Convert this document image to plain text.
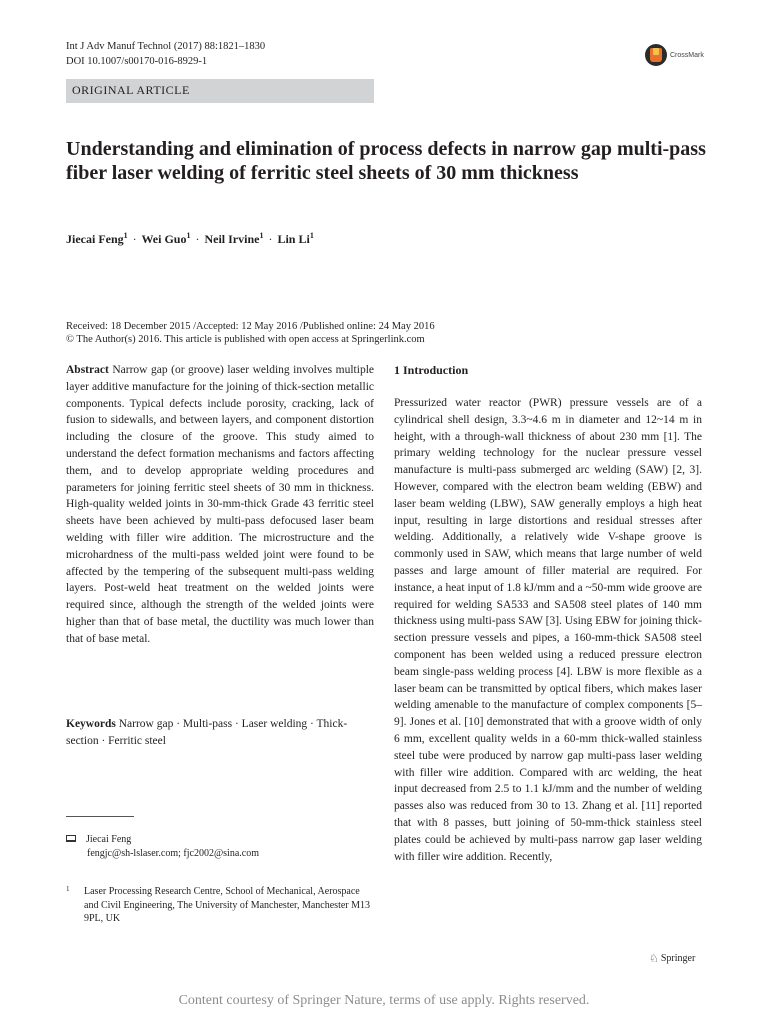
Int J Adv Manuf Technol (2017) 88:1821–1830
DOI 10.1007/s00170-016-8929-1
CrossMark
ORIGINAL ARTICLE
Understanding and elimination of process defects in narrow gap multi-pass fiber laser welding of ferritic steel sheets of 30 mm thickness
Jiecai Feng$^1$ · Wei Guo$^1$ · Neil Irvine$^1$ · Lin Li$^1$
Received: 18 December 2015 /Accepted: 12 May 2016 /Published online: 24 May 2016
© The Author(s) 2016. This article is published with open access at Springerlink.com

Abstract Narrow gap (or groove) laser welding involves multiple layer additive manufacture for the joining of thick-section metallic components. Typical defects include porosity, cracking, lack of fusion to sidewalls, and between layers, and component distortion including the closure of the groove. This study aimed to understand the defect formation mechanisms and factors affecting them, and to develop appropriate welding procedures and parameters for joining ferritic steel sheets of 30 mm in thickness. High-quality welded joints in 30-mm-thick Grade 43 ferritic steel sheets have been achieved by multi-pass defocused laser beam welding with filler wire addition. The microstructure and the microhardness of the multi-pass welded joint were found to be affected by the tempering of the subsequent multi-pass welding layers. Post-weld heat treatment on the welded joints were required since, although the strength of the welded joints were higher than that of base metal, the ductility was much lower than that of base metal.

Keywords Narrow gap · Multi-pass · Laser welding · Thick-section · Ferritic steel
Jiecai Feng
fengjc@sh-lslaser.com; fjc2002@sina.com
1	Laser Processing Research Centre, School of Mechanical, Aerospace and Civil Engineering, The University of Manchester, Manchester M13 9PL, UK
1 Introduction

Pressurized water reactor (PWR) pressure vessels are of a cylindrical shell design, 3.3~4.6 m in diameter and 12~14 m in height, with a through-wall thickness of about 230 mm [1]. The primary welding technology for the nuclear pressure vessel manufacture is multi-pass submerged arc welding (SAW) [2, 3]. However, compared with the electron beam welding (EBW) and laser beam welding (LBW), SAW generally employs a high heat input, resulting in large distortions and residual stresses after welding. Additionally, a relatively wide V-shape groove is commonly used in SAW, which means that large number of weld passes and large amount of filler material are required. For instance, a heat input of 1.8 kJ/mm and a ~50-mm wide groove are required for welding SA533 and SA508 steel plates of 140 mm thickness using multi-pass SAW [3]. Using EBW for joining thick-section pressure vessels and pipes, a 160-mm-thick SA508 steel component has been welded using a reduced pressure electron beam single-pass welding process [4]. LBW is more flexible as a laser beam can be transmitted by optical fibers, which makes laser welding amenable to the manufacture of complex components [5–9]. Jones et al. [10] demonstrated that with a groove width of only 6 mm, excellent quality welds in a 60-mm thick-walled stainless steel tube were produced by narrow gap multi-pass laser welding with filler wire addition. Compared with arc welding, the heat input decreased from 2.5 to 1.1 kJ/mm and the number of welding passes also was reduced from 30 to 13. Zhang et al. [11] reported that with 8 passes, butt joining of 50-mm-thick stainless steel plates could be achieved by multi-pass narrow gap laser welding with filler wire addition. Recently,

♘ Springer
Content courtesy of Springer Nature, terms of use apply. Rights reserved.
